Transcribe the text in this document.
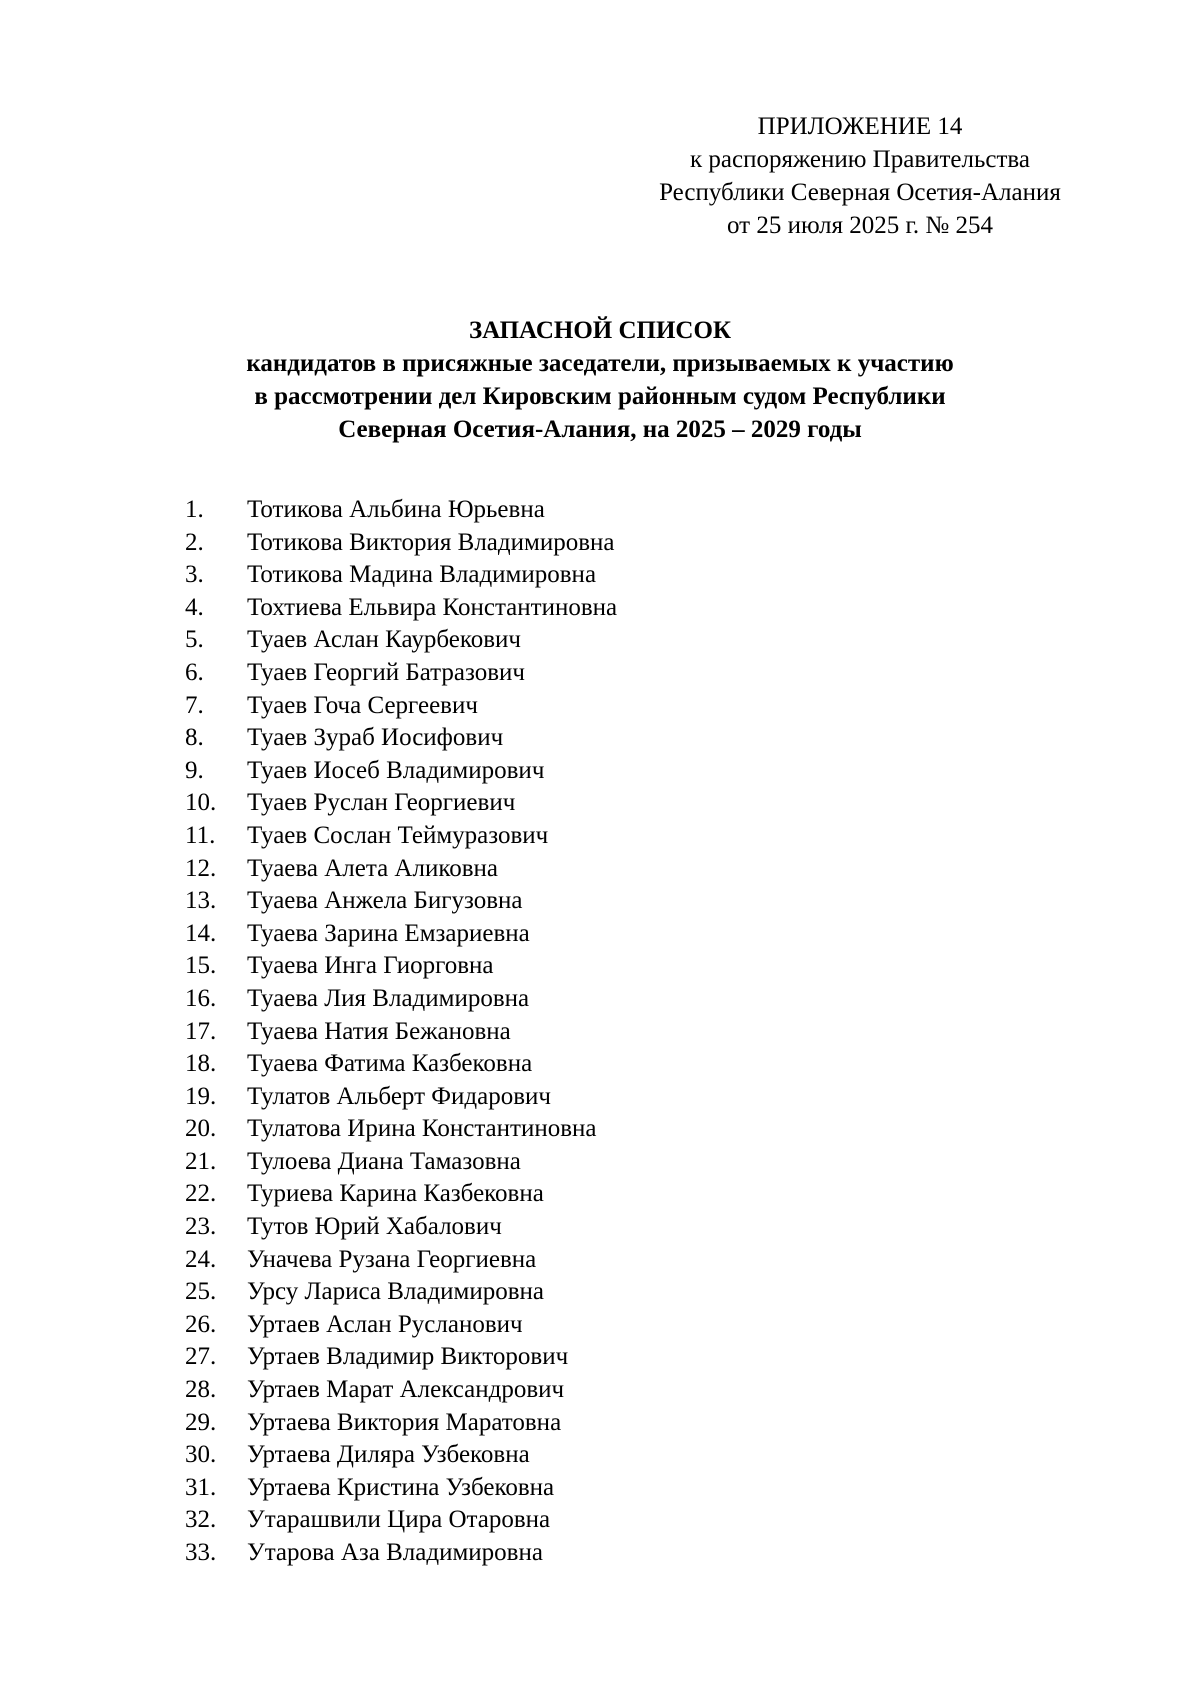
ПРИЛОЖЕНИЕ 14
к распоряжению Правительства
Республики Северная Осетия-Алания
от 25 июля 2025 г. № 254
ЗАПАСНОЙ СПИСОК
кандидатов в присяжные заседатели, призываемых к участию
в рассмотрении дел Кировским районным судом Республики
Северная Осетия-Алания, на 2025 – 2029 годы
1.	Тотикова Альбина Юрьевна
2.	Тотикова Виктория Владимировна
3.	Тотикова Мадина Владимировна
4.	Тохтиева Ельвира Константиновна
5.	Туаев Аслан Каурбекович
6.	Туаев Георгий Батразович
7.	Туаев Гоча Сергеевич
8.	Туаев Зураб Иосифович
9.	Туаев Иосеб Владимирович
10.	Туаев Руслан Георгиевич
11.	Туаев Сослан Теймуразович
12.	Туаева Алета Аликовна
13.	Туаева Анжела Бигузовна
14.	Туаева Зарина Емзариевна
15.	Туаева Инга Гиорговна
16.	Туаева Лия Владимировна
17.	Туаева Натия Бежановна
18.	Туаева Фатима Казбековна
19.	Тулатов Альберт Фидарович
20.	Тулатова Ирина Константиновна
21.	Тулоева Диана Тамазовна
22.	Туриева Карина Казбековна
23.	Тутов Юрий Хабалович
24.	Уначева Рузана Георгиевна
25.	Урсу Лариса Владимировна
26.	Уртаев Аслан Русланович
27.	Уртаев Владимир Викторович
28.	Уртаев Марат Александрович
29.	Уртаева Виктория Маратовна
30.	Уртаева Диляра Узбековна
31.	Уртаева Кристина Узбековна
32.	Утарашвили Цира Отаровна
33.	Утарова Аза Владимировна
